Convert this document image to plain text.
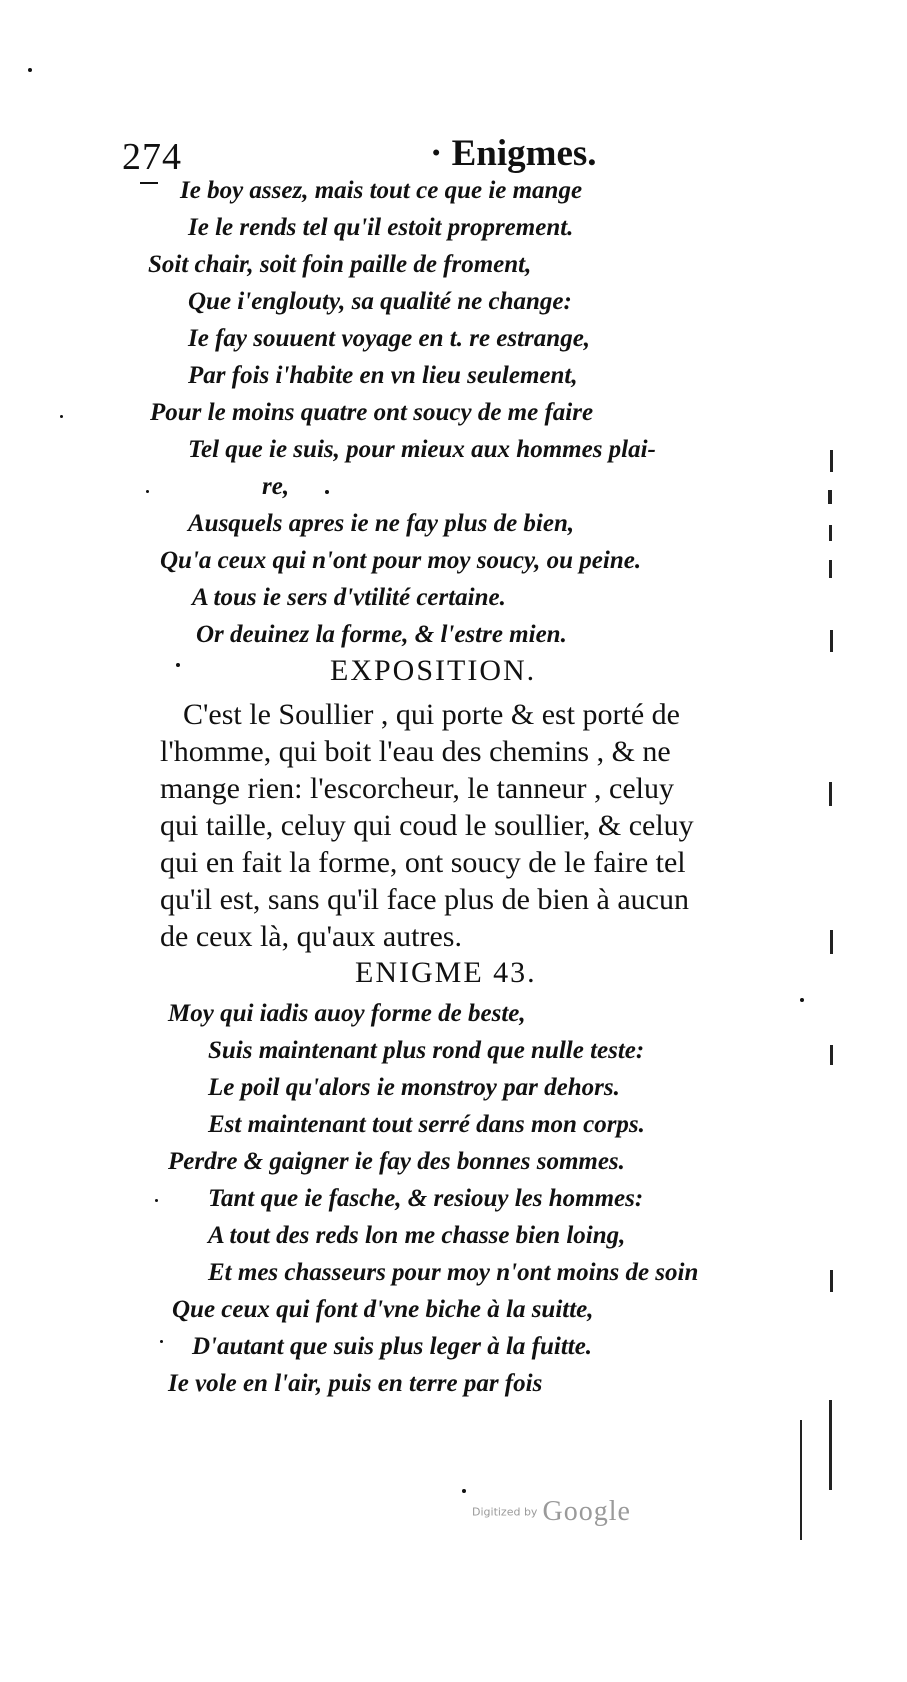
274	· Enigmes.
Ie boy assez, mais tout ce que ie mange
Ie le rends tel qu'il estoit proprement.
Soit chair, soit foin paille de froment,
Que i'englouty, sa qualité ne change:
Ie fay souuent voyage en t. re estrange,
Par fois i'habite en vn lieu seulement,
Pour le moins quatre ont soucy de me faire
Tel que ie suis, pour mieux aux hommes plai-
re,
Ausquels apres ie ne fay plus de bien,
Qu'a ceux qui n'ont pour moy soucy, ou peine.
A tous ie sers d'vtilité certaine.
Or deuinez la forme, & l'estre mien.
EXPOSITION.
C'est le Soullier , qui porte & est porté de
l'homme, qui boit l'eau des chemins , & ne
mange rien: l'escorcheur, le tanneur , celuy
qui taille, celuy qui coud le soullier, & celuy
qui en fait la forme, ont soucy de le faire tel
qu'il est, sans qu'il face plus de bien à aucun
de ceux là, qu'aux autres.
ENIGME 43.
Moy qui iadis auoy forme de beste,
Suis maintenant plus rond que nulle teste:
Le poil qu'alors ie monstroy par dehors.
Est maintenant tout serré dans mon corps.
Perdre & gaigner ie fay des bonnes sommes.
Tant que ie fasche, & resiouy les hommes:
A tout des reds lon me chasse bien loing,
Et mes chasseurs pour moy n'ont moins de soin
Que ceux qui font d'vne biche à la suitte,
D'autant que suis plus leger à la fuitte.
Ie vole en l'air, puis en terre par fois
Digitized by Google
